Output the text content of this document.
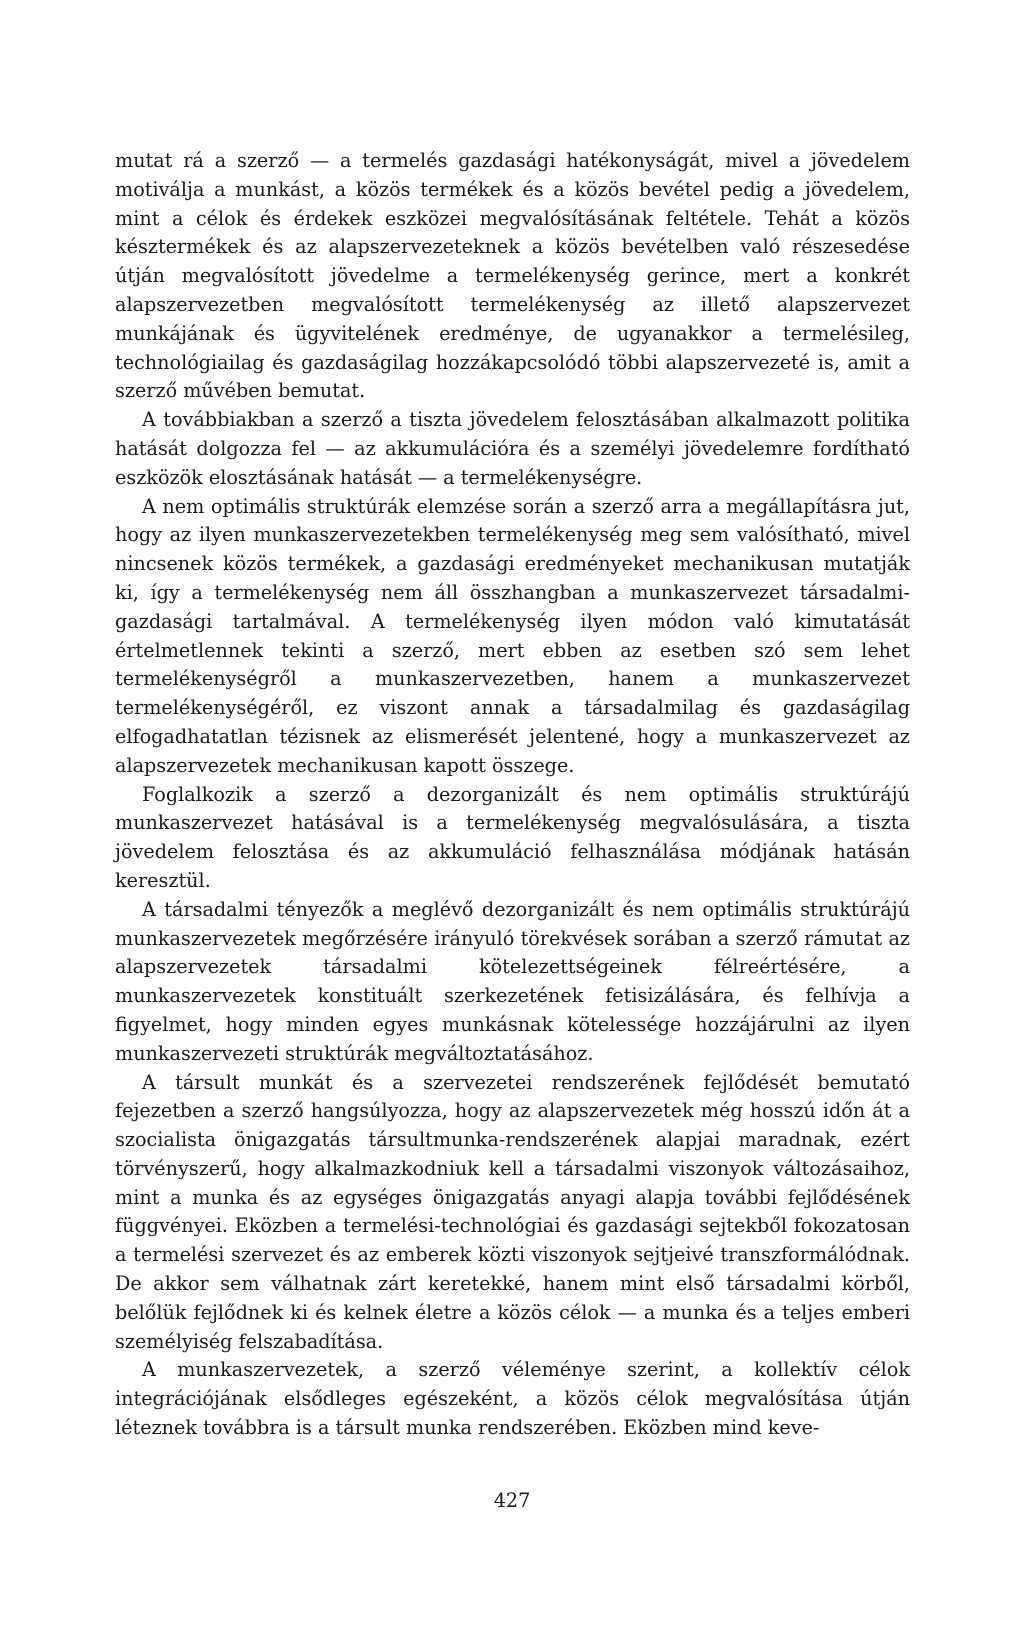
mutat rá a szerző — a termelés gazdasági hatékonyságát, mivel a jövedelem motiválja a munkást, a közös termékek és a közös bevétel pedig a jövedelem, mint a célok és érdekek eszközei megvalósításának feltétele. Tehát a közös késztermékek és az alapszervezeteknek a közös bevételben való részesedése útján megvalósított jövedelme a termelékenység gerince, mert a konkrét alapszervezetben megvalósított termelékenység az illető alapszervezet munkájának és ügyvitelének eredménye, de ugyanakkor a termelésileg, technológiailag és gazdaságilag hozzákapcsolódó többi alapszervezeté is, amit a szerző művében bemutat.

A továbbiakban a szerző a tiszta jövedelem felosztásában alkalmazott politika hatását dolgozza fel — az akkumulációra és a személyi jövedelemre fordítható eszközök elosztásának hatását — a termelékenységre.

A nem optimális struktúrák elemzése során a szerző arra a megállapításra jut, hogy az ilyen munkaszervezetekben termelékenység meg sem valósítható, mivel nincsenek közös termékek, a gazdasági eredményeket mechanikusan mutatják ki, így a termelékenység nem áll összhangban a munkaszervezet társadalmi-gazdasági tartalmával. A termelékenység ilyen módon való kimutatását értelmetlennek tekinti a szerző, mert ebben az esetben szó sem lehet termelékenységről a munkaszervezetben, hanem a munkaszervezet termelékenységéről, ez viszont annak a társadalmilag és gazdaságilag elfogadhatatlan tézisnek az elismerését jelentené, hogy a munkaszervezet az alapszervezetek mechanikusan kapott összege.

Foglalkozik a szerző a dezorganizált és nem optimális struktúrájú munkaszervezet hatásával is a termelékenység megvalósulására, a tiszta jövedelem felosztása és az akkumuláció felhasználása módjának hatásán keresztül.

A társadalmi tényezők a meglévő dezorganizált és nem optimális struktúrájú munkaszervezetek megőrzésére irányuló törekvések sorában a szerző rámutat az alapszervezetek társadalmi kötelezettségeinek félreértésére, a munkaszervezetek konstituált szerkezetének fetisizálására, és felhívja a figyelmet, hogy minden egyes munkásnak kötelessége hozzájárulni az ilyen munkaszervezeti struktúrák megváltoztatásához.

A társult munkát és a szervezetei rendszerének fejlődését bemutató fejezetben a szerző hangsúlyozza, hogy az alapszervezetek még hosszú időn át a szocialista önigazgatás társultmunka-rendszerének alapjai maradnak, ezért törvényszerű, hogy alkalmazkodniuk kell a társadalmi viszonyok változásaihoz, mint a munka és az egységes önigazgatás anyagi alapja további fejlődésének függvényei. Eközben a termelési-technológiai és gazdasági sejtekből fokozatosan a termelési szervezet és az emberek közti viszonyok sejtjeivé transzformálódnak. De akkor sem válhatnak zárt keretekké, hanem mint első társadalmi körből, belőlük fejlődnek ki és kelnek életre a közös célok — a munka és a teljes emberi személyiség felszabadítása.

A munkaszervezetek, a szerző véleménye szerint, a kollektív célok integrációjának elsődleges egészeként, a közös célok megvalósítása útján léteznek továbbra is a társult munka rendszerében. Eközben mind keve-

427
